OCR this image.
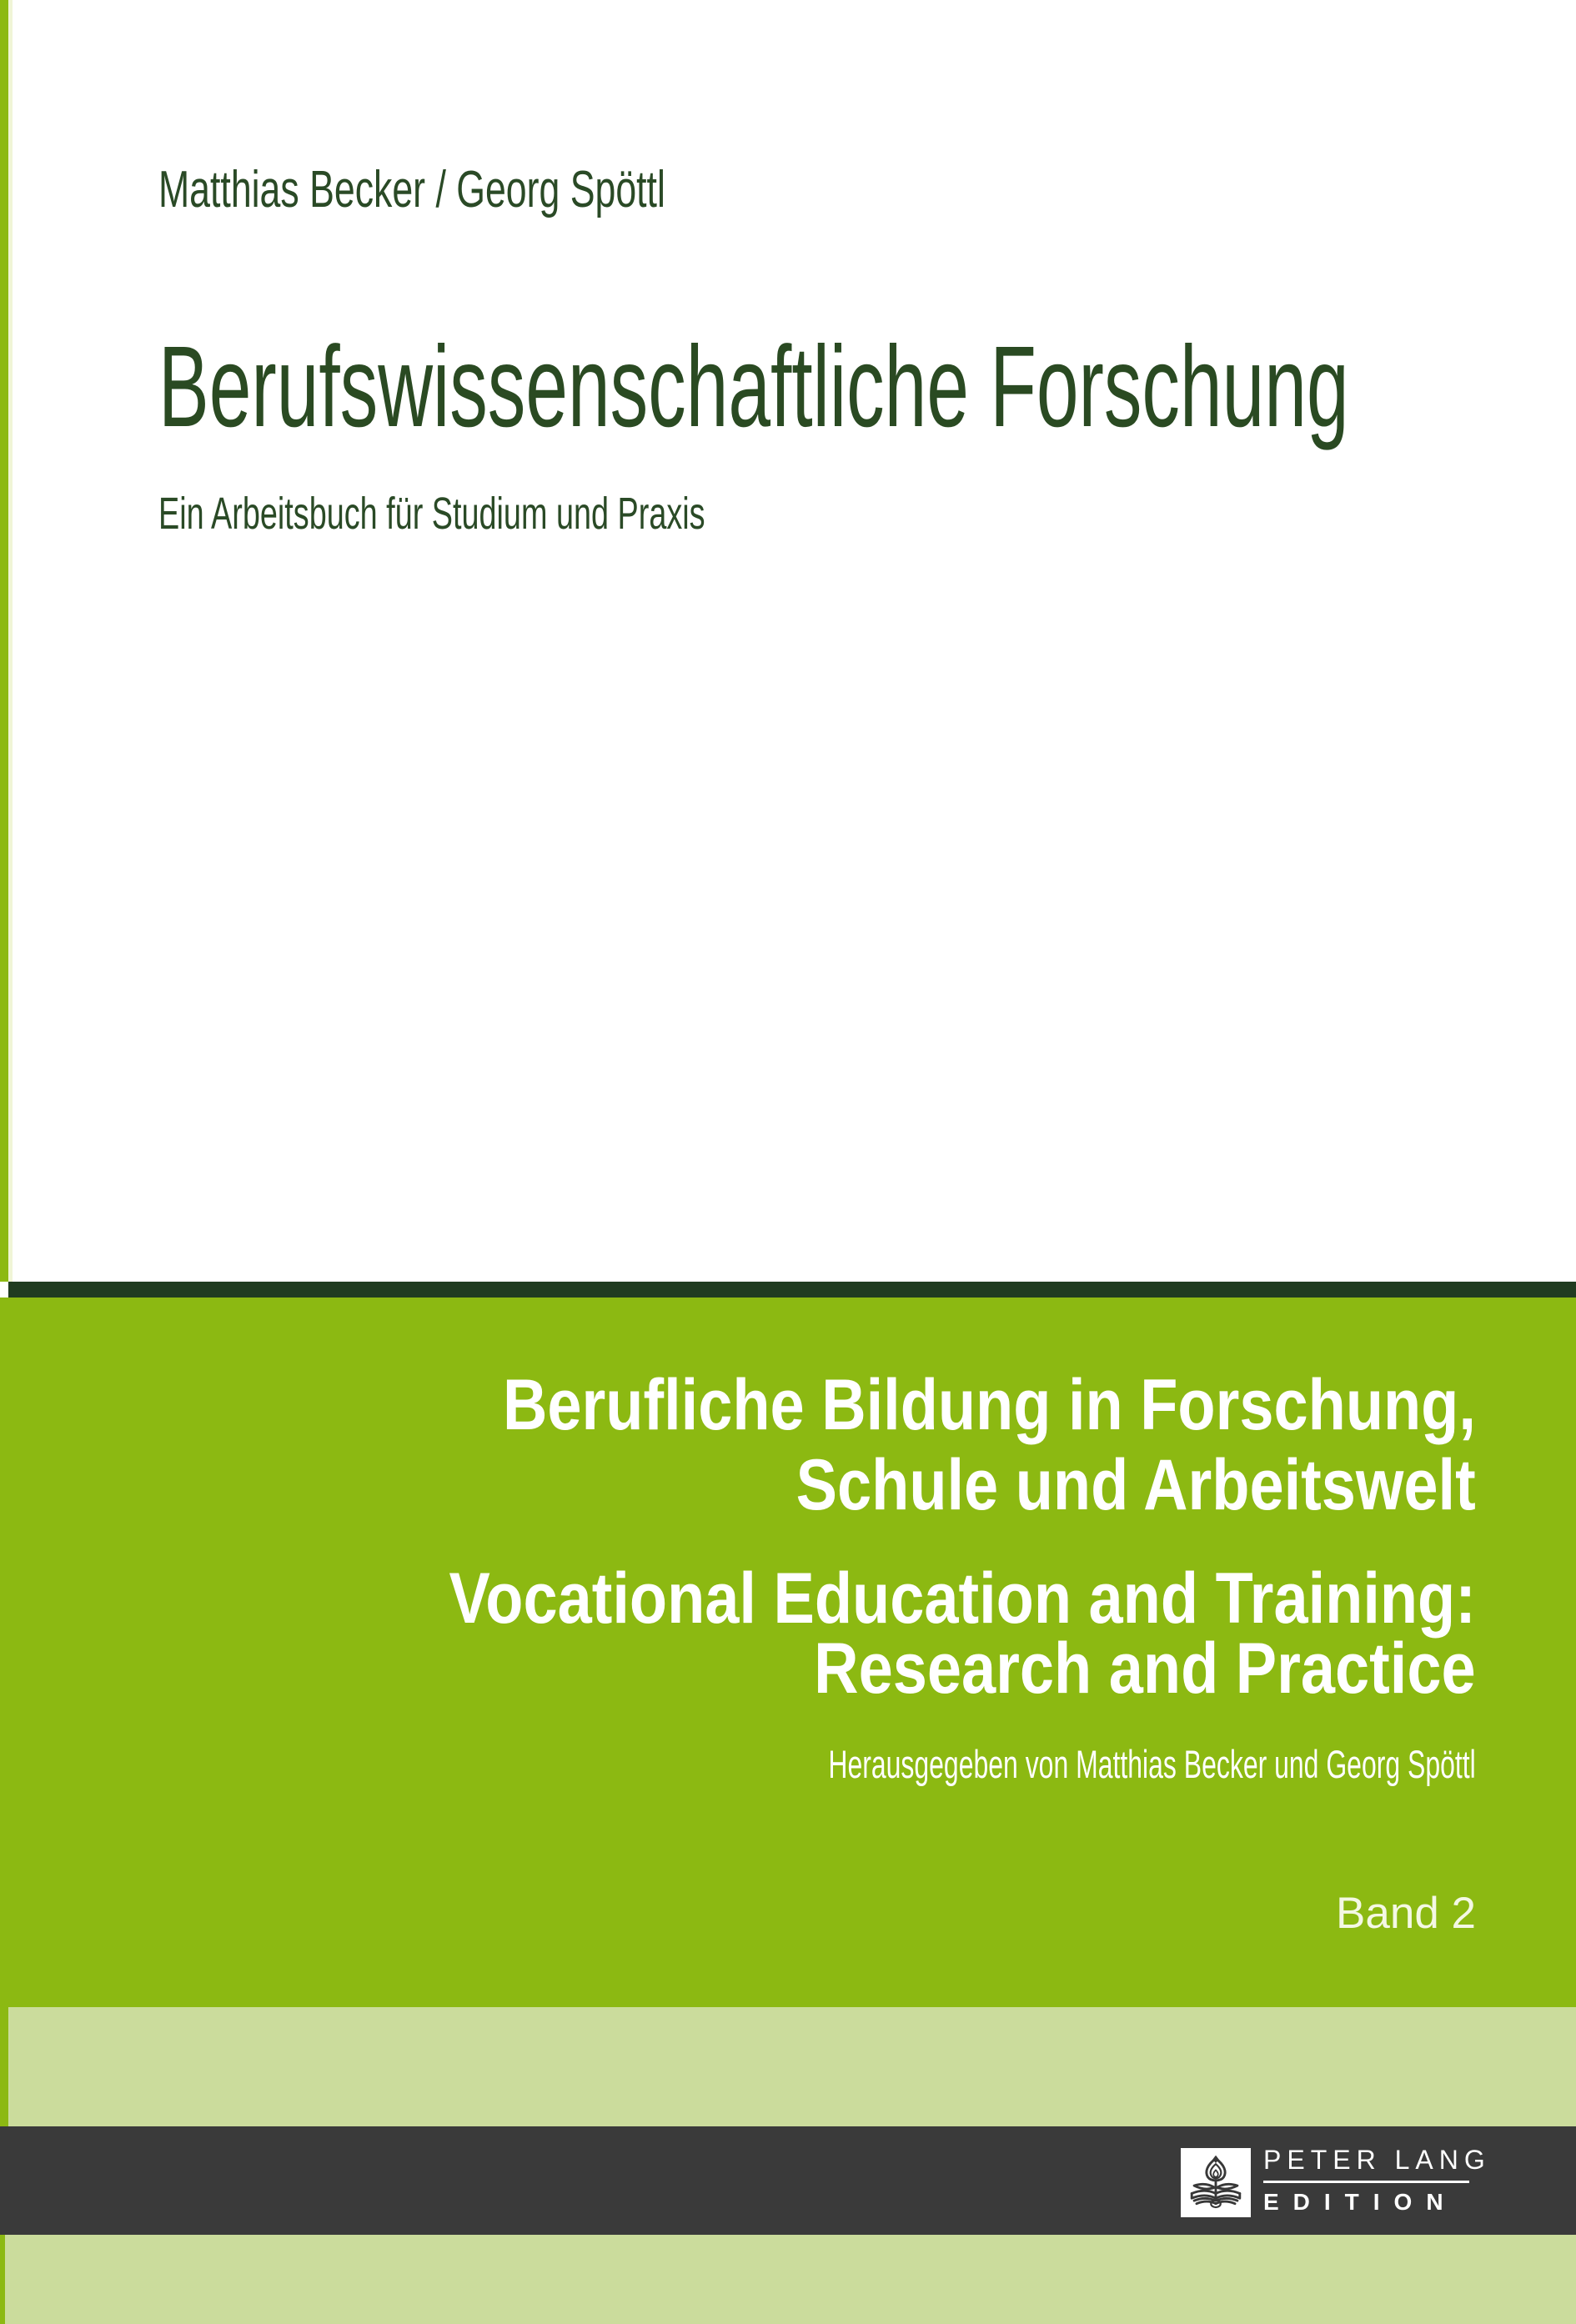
Matthias Becker / Georg Spöttl
Berufswissenschaftliche Forschung
Ein Arbeitsbuch für Studium und Praxis
Berufliche Bildung in Forschung,
Schule und Arbeitswelt
Vocational Education and Training:
Research and Practice
Herausgegeben von Matthias Becker und Georg Spöttl
Band 2
PETER LANG
EDITION
